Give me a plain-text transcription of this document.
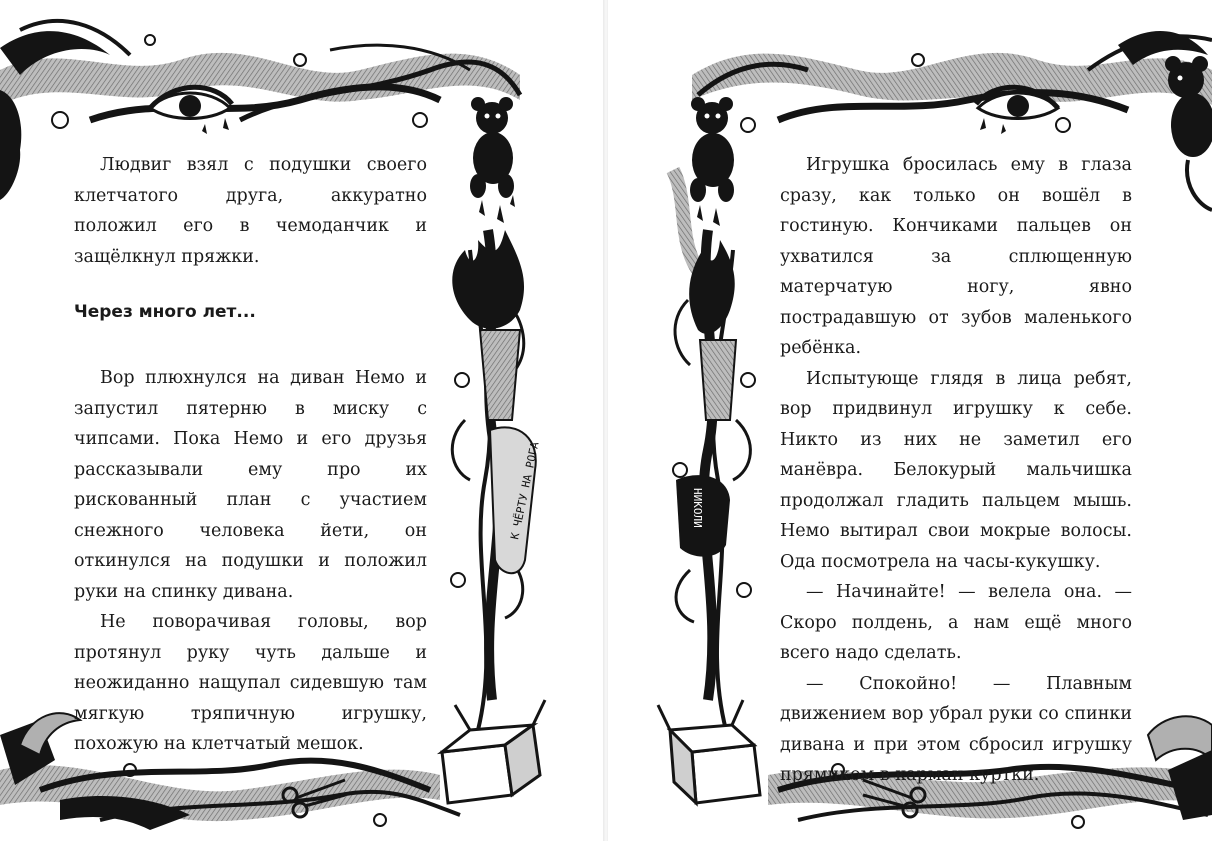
К ЧЁРТУ НА РОГА

Людвиг взял с подушки своего клетчатого друга, аккуратно положил его в чемоданчик и защёлкнул пряжки.

Через много лет...

Вор плюхнулся на диван Немо и запустил пятерню в миску с чипсами. Пока Немо и его друзья рассказывали ему про их рискованный план с участием снежного человека йети, он откинулся на подушки и положил руки на спинку дивана.

Не поворачивая головы, вор протянул руку чуть дальше и неожиданно нащупал сидевшую там мягкую тряпичную игрушку, похожую на клетчатый мешок.

НИКОЛИ

Игрушка бросилась ему в глаза сразу, как только он вошёл в гостиную. Кончиками пальцев он ухватился за сплющенную матерчатую ногу, явно пострадавшую от зубов маленького ребёнка.

Испытующе глядя в лица ребят, вор придвинул игрушку к себе. Никто из них не заметил его манёвра. Белокурый мальчишка продолжал гладить пальцем мышь. Немо вытирал свои мокрые волосы. Ода посмотрела на часы-кукушку.

— Начинайте! — велела она. — Скоро полдень, а нам ещё много всего надо сделать.

— Спокойно! — Плавным движением вор убрал руки со спинки дивана и при этом сбросил игрушку прямиком в карман куртки.
